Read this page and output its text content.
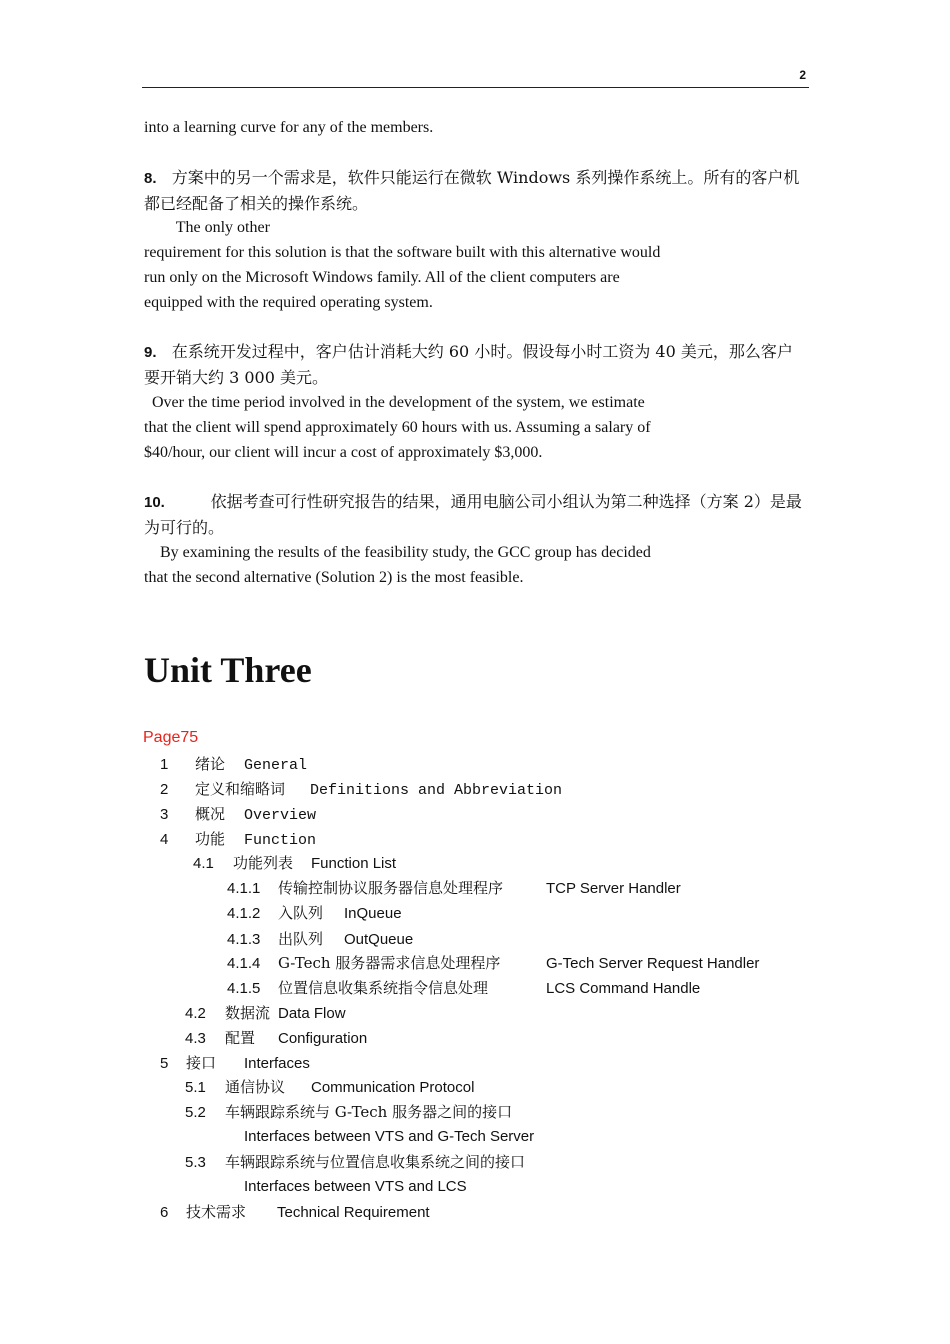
2
into a learning curve for any of the members.
8. 方案中的另一个需求是，软件只能运行在微软 Windows 系列操作系统上。所有的客户机都已经配备了相关的操作系统。
The only other
requirement for this solution is that the software built with this alternative would
run only on the Microsoft Windows family. All of the client computers are
equipped with the required operating system.
9. 在系统开发过程中，客户估计消耗大约 60 小时。假设每小时工资为 40 美元，那么客户要开销大约 3 000 美元。
Over the time period involved in the development of the system, we estimate
that the client will spend approximately 60 hours with us. Assuming a salary of
$40/hour, our client will incur a cost of approximately $3,000.
10.	依据考查可行性研究报告的结果，通用电脑公司小组认为第二种选择（方案 2）是最为可行的。
By examining the results of the feasibility study, the GCC group has decided
that the second alternative (Solution 2) is the most feasible.
Unit Three
Page75
1 绪论 General
2 定义和缩略词 Definitions and Abbreviation
3 概况 Overview
4 功能 Function
4.1 功能列表 Function List
4.1.1 传输控制协议服务器信息处理程序	TCP Server Handler
4.1.2 入队列 InQueue
4.1.3 出队列 OutQueue
4.1.4 G-Tech 服务器需求信息处理程序	G-Tech Server Request Handler
4.1.5 位置信息收集系统指令信息处理	LCS Command Handle
4.2 数据流 Data Flow
4.3 配置 Configuration
5 接口 Interfaces
5.1 通信协议 Communication Protocol
5.2 车辆跟踪系统与 G-Tech 服务器之间的接口
Interfaces between VTS and G-Tech Server
5.3 车辆跟踪系统与位置信息收集系统之间的接口
Interfaces between VTS and LCS
6 技术需求 Technical Requirement
